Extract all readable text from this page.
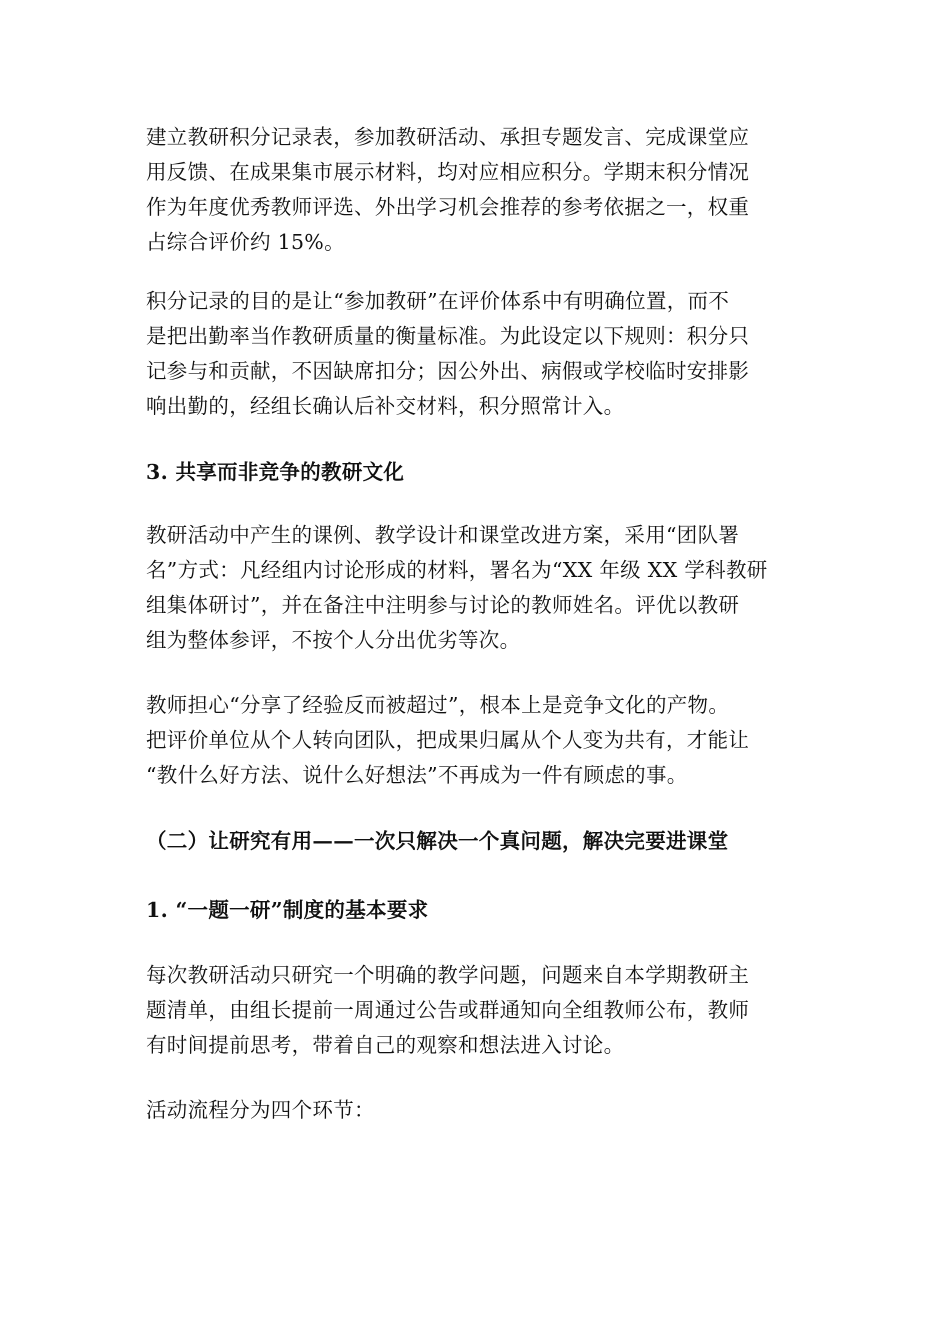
建立教研积分记录表，参加教研活动、承担专题发言、完成课堂应
用反馈、在成果集市展示材料，均对应相应积分。学期末积分情况
作为年度优秀教师评选、外出学习机会推荐的参考依据之一，权重
占综合评价约 15%。
积分记录的目的是让“参加教研”在评价体系中有明确位置，而不
是把出勤率当作教研质量的衡量标准。为此设定以下规则：积分只
记参与和贡献，不因缺席扣分；因公外出、病假或学校临时安排影
响出勤的，经组长确认后补交材料，积分照常计入。
3. 共享而非竞争的教研文化
教研活动中产生的课例、教学设计和课堂改进方案，采用“团队署
名”方式：凡经组内讨论形成的材料，署名为“XX 年级 XX 学科教研
组集体研讨”，并在备注中注明参与讨论的教师姓名。评优以教研
组为整体参评，不按个人分出优劣等次。
教师担心“分享了经验反而被超过”，根本上是竞争文化的产物。
把评价单位从个人转向团队，把成果归属从个人变为共有，才能让
“教什么好方法、说什么好想法”不再成为一件有顾虑的事。
（二）让研究有用——一次只解决一个真问题，解决完要进课堂
1. “一题一研”制度的基本要求
每次教研活动只研究一个明确的教学问题，问题来自本学期教研主
题清单，由组长提前一周通过公告或群通知向全组教师公布，教师
有时间提前思考，带着自己的观察和想法进入讨论。
活动流程分为四个环节：
